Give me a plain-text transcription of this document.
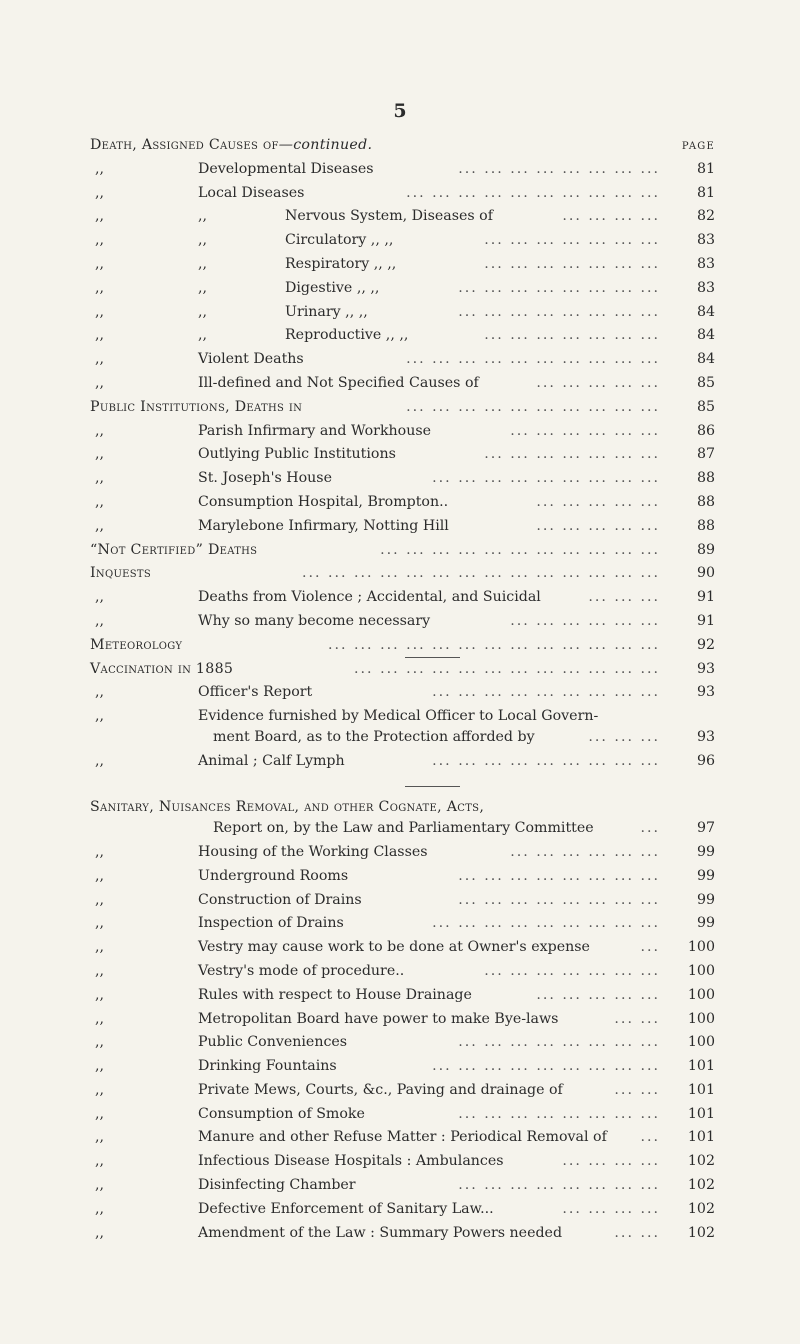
5
Death, Assigned Causes of—continued.	page
,,	Developmental Diseases	81
... ... ... ... ... ... ... ...
,,	Local Diseases	81
... ... ... ... ... ... ... ... ... ...
,,	,,	Nervous System, Diseases of	82
... ... ... ...
,,	,,	Circulatory ,, ,,	83
... ... ... ... ... ... ...
,,	,,	Respiratory ,, ,,	83
... ... ... ... ... ... ...
,,	,,	Digestive ,, ,,	83
... ... ... ... ... ... ... ...
,,	,,	Urinary ,, ,,	84
... ... ... ... ... ... ... ...
,,	,,	Reproductive ,, ,,	84
... ... ... ... ... ... ...
,,	Violent Deaths	84
... ... ... ... ... ... ... ... ... ...
,,	Ill-defined and Not Specified Causes of	85
... ... ... ... ...
Public Institutions, Deaths in	85
... ... ... ... ... ... ... ... ... ...
,,	Parish Infirmary and Workhouse	86
... ... ... ... ... ...
,,	Outlying Public Institutions	87
... ... ... ... ... ... ...
,,	St. Joseph's House	88
... ... ... ... ... ... ... ... ...
,,	Consumption Hospital, Brompton..	88
... ... ... ... ...
,,	Marylebone Infirmary, Notting Hill	88
... ... ... ... ...
“Not Certified” Deaths	89
... ... ... ... ... ... ... ... ... ... ...
Inquests	90
... ... ... ... ... ... ... ... ... ... ... ... ... ...
,,	Deaths from Violence ; Accidental, and Suicidal	91
... ... ...
,,	Why so many become necessary	91
... ... ... ... ... ...
Meteorology	92
... ... ... ... ... ... ... ... ... ... ... ... ...
Vaccination in 1885	93
... ... ... ... ... ... ... ... ... ... ... ...
,,	Officer's Report	93
... ... ... ... ... ... ... ... ...
,,	Evidence furnished by Medical Officer to Local Govern-
ment Board, as to the Protection afforded by	93
... ... ...
,,	Animal ; Calf Lymph	96
... ... ... ... ... ... ... ... ...
Sanitary, Nuisances Removal, and other Cognate, Acts,
Report on, by the Law and Parliamentary Committee	97
...
,,	Housing of the Working Classes	99
... ... ... ... ... ...
,,	Underground Rooms	99
... ... ... ... ... ... ... ...
,,	Construction of Drains	99
... ... ... ... ... ... ... ...
,,	Inspection of Drains	99
... ... ... ... ... ... ... ... ...
,,	Vestry may cause work to be done at Owner's expense	100
...
,,	Vestry's mode of procedure..	100
... ... ... ... ... ... ...
,,	Rules with respect to House Drainage	100
... ... ... ... ...
,,	Metropolitan Board have power to make Bye-laws	100
... ...
,,	Public Conveniences	100
... ... ... ... ... ... ... ...
,,	Drinking Fountains	101
... ... ... ... ... ... ... ... ...
,,	Private Mews, Courts, &c., Paving and drainage of	101
... ...
,,	Consumption of Smoke	101
... ... ... ... ... ... ... ...
,,	Manure and other Refuse Matter : Periodical Removal of	101
...
,,	Infectious Disease Hospitals : Ambulances	102
... ... ... ...
,,	Disinfecting Chamber	102
... ... ... ... ... ... ... ...
,,	Defective Enforcement of Sanitary Law...	102
... ... ... ...
,,	Amendment of the Law : Summary Powers needed	102
... ...
